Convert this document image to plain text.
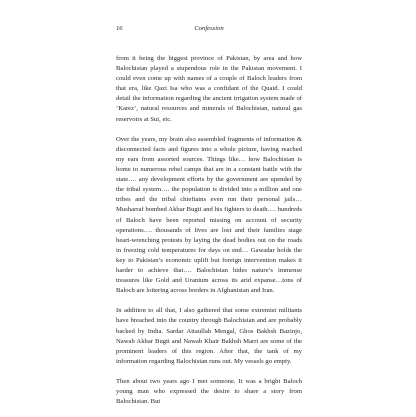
16	Confession

from it being the biggest province of Pakistan, by area and how Balochistan played a stupendous role in the Pakistan movement. I could even come up with names of a couple of Baloch leaders from that era, like Qazi Isa who was a confidant of the Quaid. I could detail the information regarding the ancient irrigation system made of ‘Karez’, natural resources and minerals of Balochistan, natural gas reservoirs at Sui, etc.

Over the years, my brain also assembled fragments of information & disconnected facts and figures into a whole picture, having reached my ears from assorted sources. Things like… how Balochistan is home to numerous rebel camps that are in a constant battle with the state…. any development efforts by the government are upended by the tribal system…. the population is divided into a million and one tribes and the tribal chieftains even run their personal jails… Musharraf bombed Akbar Bugti and his fighters to death…. hundreds of Baloch have been reported missing on account of security operations…. thousands of lives are lost and their families stage heart-wrenching protests by laying the dead bodies out on the roads in freezing cold temperatures for days on end… Gawadar holds the key to Pakistan’s economic uplift but foreign intervention makes it harder to achieve that…. Balochistan hides nature’s immense treasures like Gold and Uranium across its arid expanse…tons of Baloch are loitering across borders in Afghanistan and Iran.

In addition to all that, I also gathered that some extremist militants have breached into the country through Balochistan and are probably backed by India. Sardar Attaullah Mengal, Ghos Bakhsh Bazinjo, Nawab Akbar Bugti and Nawab Khair Bakhsh Marri are some of the prominent leaders of this region. After that, the tank of my information regarding Balochistan runs out. My vessels go empty.

Then about two years ago I met someone. It was a bright Baloch young man who expressed the desire to share a story from Balochistan. But
